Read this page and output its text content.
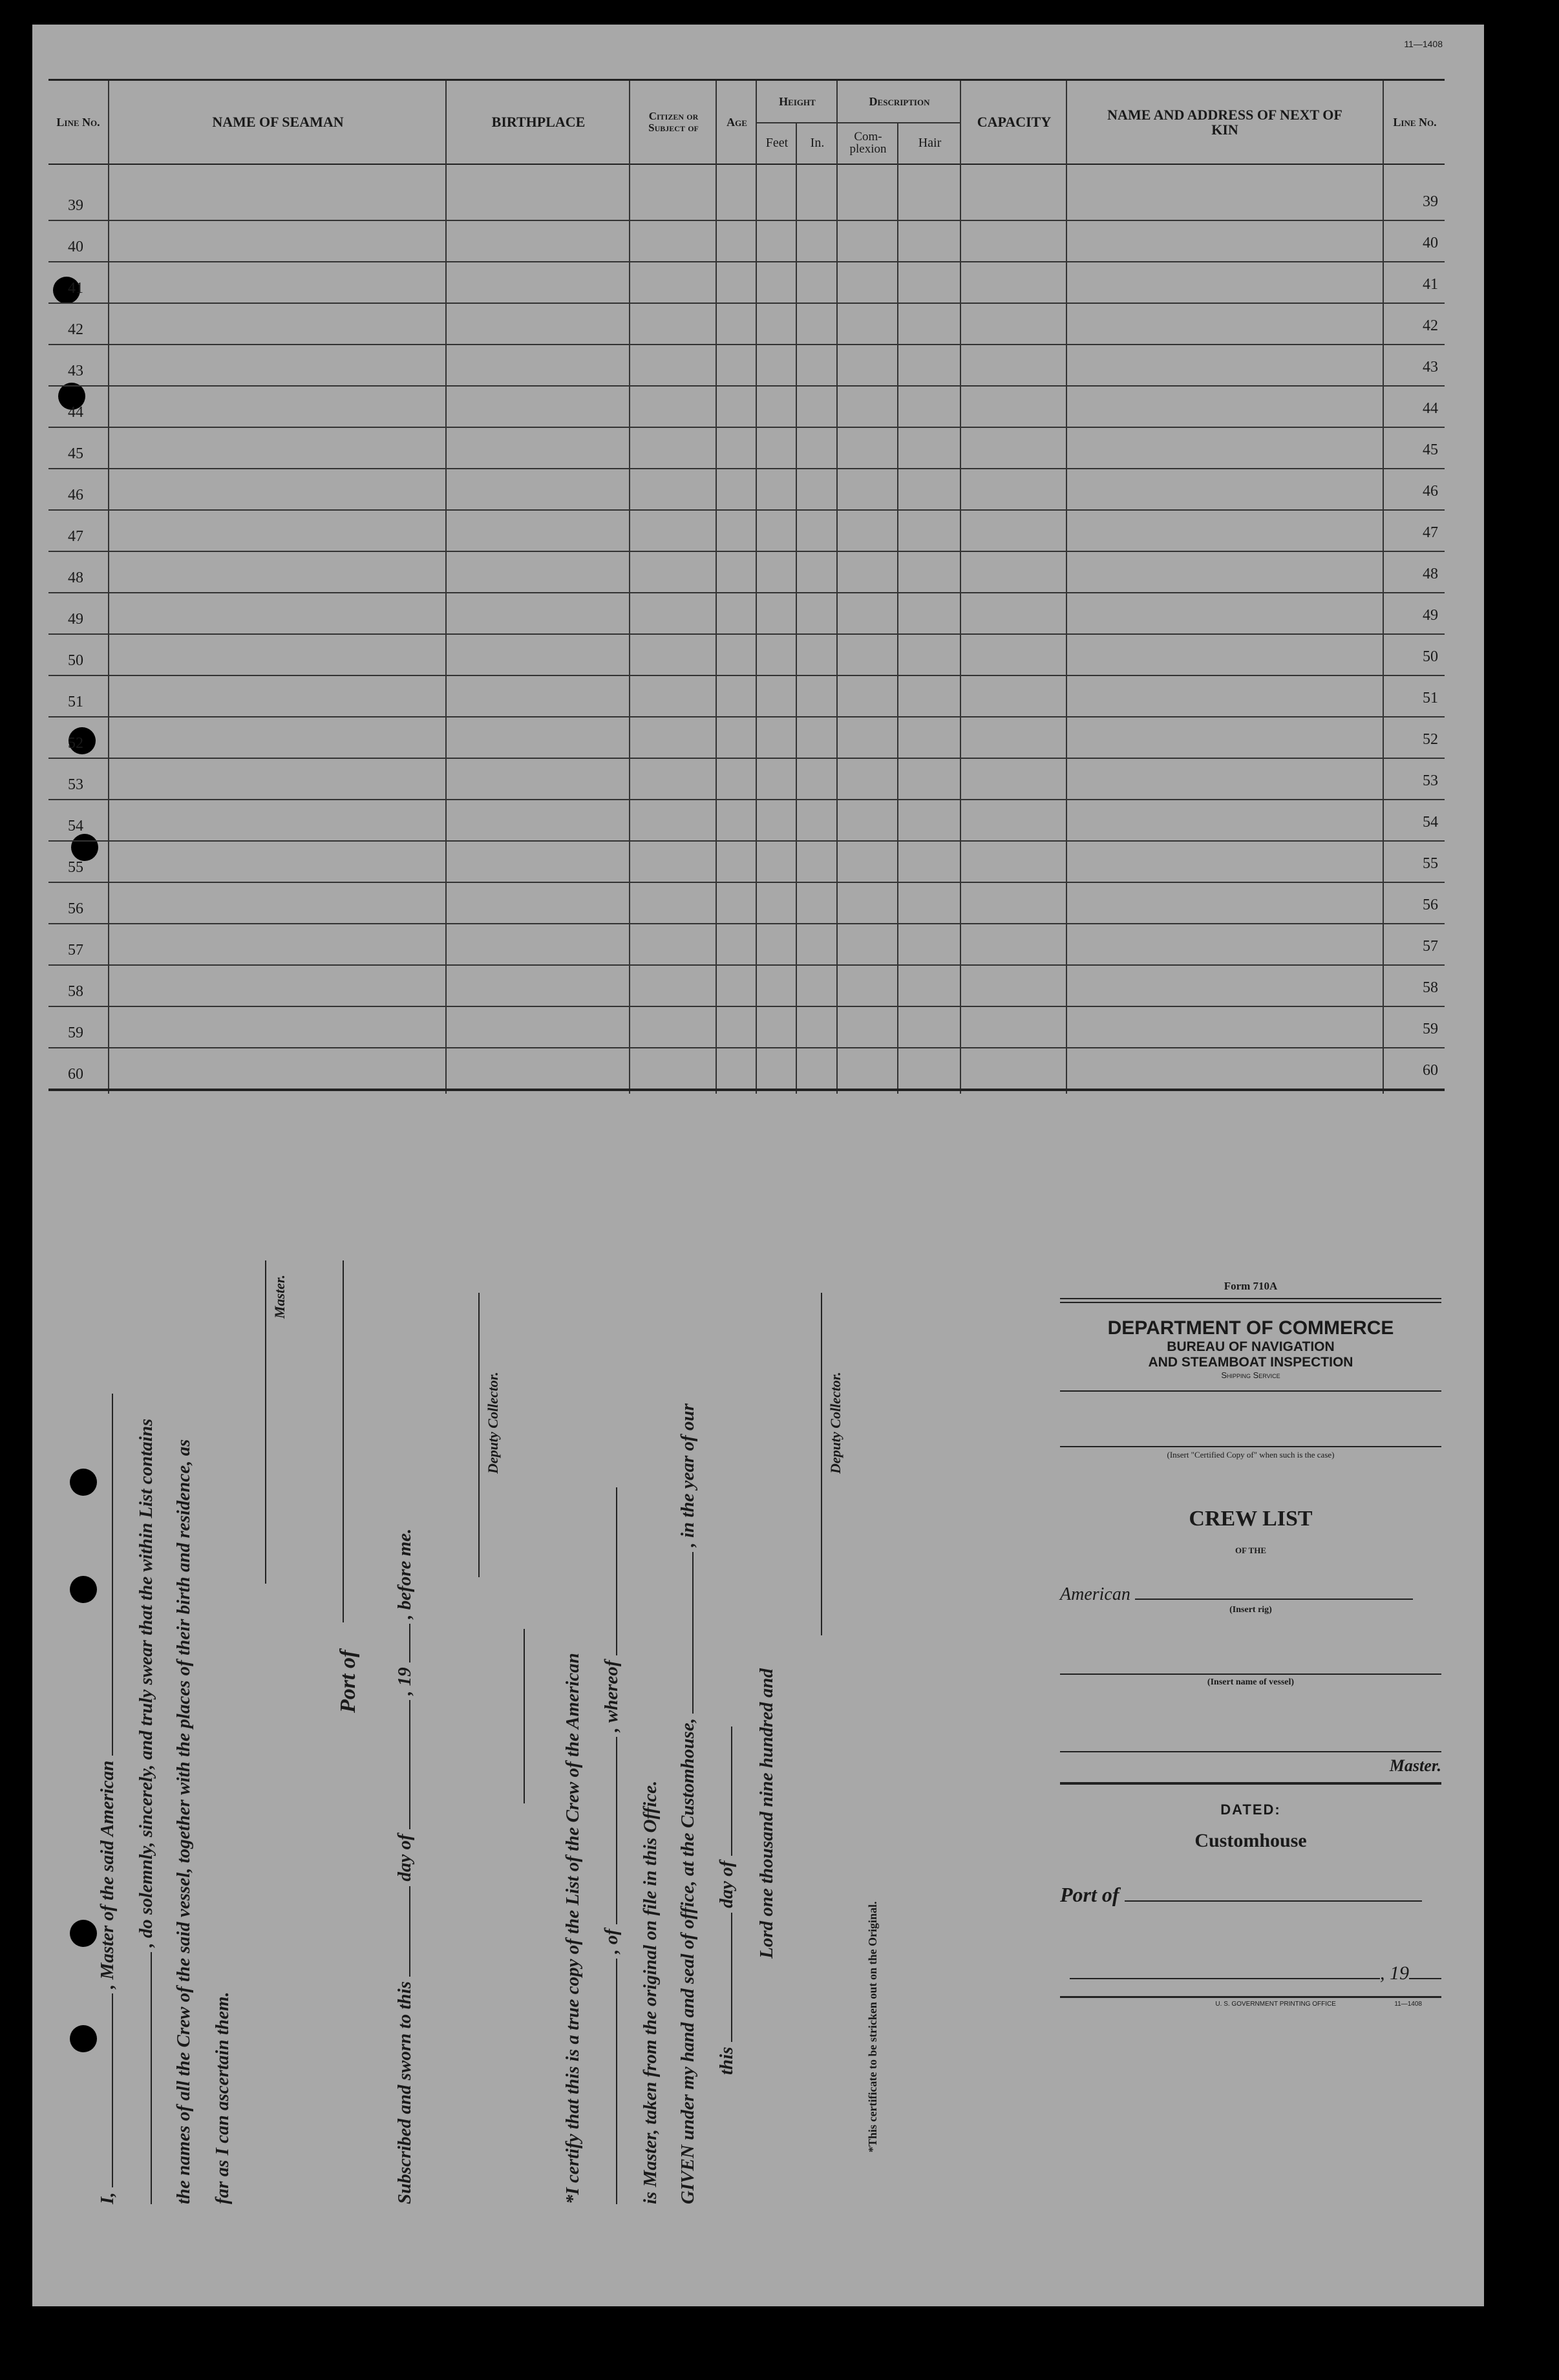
11—1408
Line No.	NAME OF SEAMAN	BIRTHPLACE	Citizen or Subject of	Age
Height
Feet	In.
Description
Com-plexion	Hair
CAPACITY	NAME AND ADDRESS OF NEXT OF KIN	Line No.
39	39
40	40
41	41
42	42
43	43
44	44
45	45
46	46
47	47
48	48
49	49
50	50
51	51
52	52
53	53
54	54
55	55
56	56
57	57
58	58
59	59
60	60
I,  , Master of the said American , do solemnly, sincerely, and truly swear that the within List contains the names of all the Crew of the said vessel, together with the places of their birth and residence, as far as I can ascertain them.
Master.
Port of
Subscribed and sworn to this  day of  , 19  , before me.
Deputy Collector.
*I certify that this is a true copy of the List of the Crew of the American , of  , whereof
is Master, taken from the original on file in this Office. GIVEN under my hand and seal of office, at the Customhouse,  , in the year of our
this  day of Lord one thousand nine hundred and
Deputy Collector.
*This certificate to be stricken out on the Original.
Form 710A
DEPARTMENT OF COMMERCE
BUREAU OF NAVIGATION
AND STEAMBOAT INSPECTION
Shipping Service
(Insert "Certified Copy of" when such is the case)
CREW LIST
OF THE
American
(Insert rig)
(Insert name of vessel)
Master.
DATED:
Customhouse
Port of
, 19
U. S. GOVERNMENT PRINTING OFFICE	11—1408
